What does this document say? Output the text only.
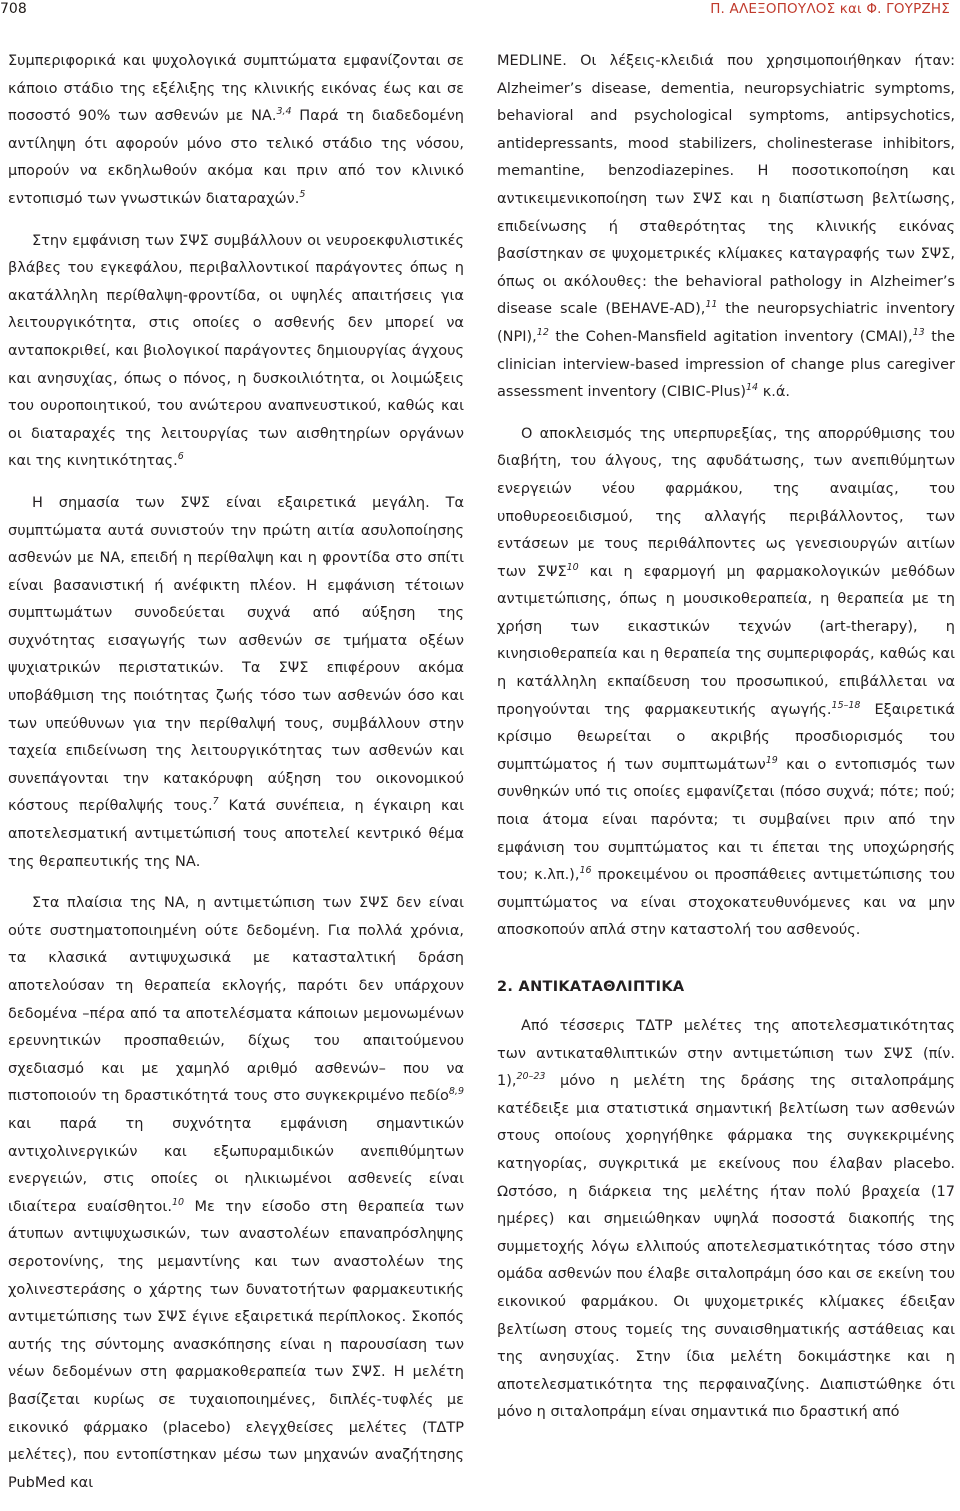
708	Π. ΑΛΕΞΟΠΟΥΛΟΣ και Φ. ΓΟΥΡΖΗΣ

Συμπεριφορικά και ψυχολογικά συμπτώματα εμφανίζονται σε κάποιο στάδιο της εξέλιξης της κλινικής εικόνας έως και σε ποσοστό 90% των ασθενών με ΝΑ.$^{3,4}$ Παρά τη διαδεδομένη αντίληψη ότι αφορούν μόνο στο τελικό στάδιο της νόσου, μπορούν να εκδηλωθούν ακόμα και πριν από τον κλινικό εντοπισμό των γνωστικών διαταραχών.$^5$

Στην εμφάνιση των ΣΨΣ συμβάλλουν οι νευροεκφυλιστικές βλάβες του εγκεφάλου, περιβαλλοντικοί παράγοντες όπως η ακατάλληλη περίθαλψη-φροντίδα, οι υψηλές απαιτήσεις για λειτουργικότητα, στις οποίες ο ασθενής δεν μπορεί να ανταποκριθεί, και βιολογικοί παράγοντες δημιουργίας άγχους και ανησυχίας, όπως ο πόνος, η δυσκοιλιότητα, οι λοιμώξεις του ουροποιητικού, του ανώτερου αναπνευστικού, καθώς και οι διαταραχές της λειτουργίας των αισθητηρίων οργάνων και της κινητικότητας.$^6$

Η σημασία των ΣΨΣ είναι εξαιρετικά μεγάλη. Τα συμπτώματα αυτά συνιστούν την πρώτη αιτία ασυλοποίησης ασθενών με ΝΑ, επειδή η περίθαλψη και η φροντίδα στο σπίτι είναι βασανιστική ή ανέφικτη πλέον. Η εμφάνιση τέτοιων συμπτωμάτων συνοδεύεται συχνά από αύξηση της συχνότητας εισαγωγής των ασθενών σε τμήματα οξέων ψυχιατρικών περιστατικών. Τα ΣΨΣ επιφέρουν ακόμα υποβάθμιση της ποιότητας ζωής τόσο των ασθενών όσο και των υπεύθυνων για την περίθαλψή τους, συμβάλλουν στην ταχεία επιδείνωση της λειτουργικότητας των ασθενών και συνεπάγονται την κατακόρυφη αύξηση του οικονομικού κόστους περίθαλψής τους.$^7$ Κατά συνέπεια, η έγκαιρη και αποτελεσματική αντιμετώπισή τους αποτελεί κεντρικό θέμα της θεραπευτικής της ΝΑ.

Στα πλαίσια της ΝΑ, η αντιμετώπιση των ΣΨΣ δεν είναι ούτε συστηματοποιημένη ούτε δεδομένη. Για πολλά χρόνια, τα κλασικά αντιψυχωσικά με κατασταλτική δράση αποτελούσαν τη θεραπεία εκλογής, παρότι δεν υπάρχουν δεδομένα –πέρα από τα αποτελέσματα κάποιων μεμονωμένων ερευνητικών προσπαθειών, δίχως του απαιτούμενου σχεδιασμό και με χαμηλό αριθμό ασθενών– που να πιστοποιούν τη δραστικότητά τους στο συγκεκριμένο πεδίο$^{8,9}$ και παρά τη συχνότητα εμφάνιση σημαντικών αντιχολινεργικών και εξωπυραμιδικών ανεπιθύμητων ενεργειών, στις οποίες οι ηλικιωμένοι ασθενείς είναι ιδιαίτερα ευαίσθητοι.$^{10}$ Με την είσοδο στη θεραπεία των άτυπων αντιψυχωσικών, των αναστολέων επαναπρόσληψης σεροτονίνης, της μεμαντίνης και των αναστολέων της χολινεστεράσης ο χάρτης των δυνατοτήτων φαρμακευτικής αντιμετώπισης των ΣΨΣ έγινε εξαιρετικά περίπλοκος. Σκοπός αυτής της σύντομης ανασκόπησης είναι η παρουσίαση των νέων δεδομένων στη φαρμακοθεραπεία των ΣΨΣ. Η μελέτη βασίζεται κυρίως σε τυχαιοποιημένες, διπλές-τυφλές με εικονικό φάρμακο (placebo) ελεγχθείσες μελέτες (ΤΔΤΡ μελέτες), που εντοπίστηκαν μέσω των μηχανών αναζήτησης PubMed και

MEDLINE. Οι λέξεις-κλειδιά που χρησιμοποιήθηκαν ήταν: Alzheimer’s disease, dementia, neuropsychiatric symptoms, behavioral and psychological symptoms, antipsychotics, antidepressants, mood stabilizers, cholinesterase inhibitors, memantine, benzodiazepines. Η ποσοτικοποίηση και αντικειμενικοποίηση των ΣΨΣ και η διαπίστωση βελτίωσης, επιδείνωσης ή σταθερότητας της κλινικής εικόνας βασίστηκαν σε ψυχομετρικές κλίμακες καταγραφής των ΣΨΣ, όπως οι ακόλουθες: the behavioral pathology in Alzheimer’s disease scale (BEHAVE-AD),$^{11}$ the neuropsychiatric inventory (NPI),$^{12}$ the Cohen-Mansfield agitation inventory (CMAI),$^{13}$ the clinician interview-based impression of change plus caregiver assessment inventory (CIBIC-Plus)$^{14}$ κ.ά.

Ο αποκλεισμός της υπερπυρεξίας, της απορρύθμισης του διαβήτη, του άλγους, της αφυδάτωσης, των ανεπιθύμητων ενεργειών νέου φαρμάκου, της αναιμίας, του υποθυρεοειδισμού, της αλλαγής περιβάλλοντος, των εντάσεων με τους περιθάλποντες ως γενεσιουργών αιτίων των ΣΨΣ$^{10}$ και η εφαρμογή μη φαρμακολογικών μεθόδων αντιμετώπισης, όπως η μουσικοθεραπεία, η θεραπεία με τη χρήση των εικαστικών τεχνών (art-therapy), η κινησιοθεραπεία και η θεραπεία της συμπεριφοράς, καθώς και η κατάλληλη εκπαίδευση του προσωπικού, επιβάλλεται να προηγούνται της φαρμακευτικής αγωγής.$^{15-18}$ Εξαιρετικά κρίσιμο θεωρείται ο ακριβής προσδιορισμός του συμπτώματος ή των συμπτωμάτων$^{19}$ και ο εντοπισμός των συνθηκών υπό τις οποίες εμφανίζεται (πόσο συχνά; πότε; πού; ποια άτομα είναι παρόντα; τι συμβαίνει πριν από την εμφάνιση του συμπτώματος και τι έπεται της υποχώρησής του; κ.λπ.),$^{16}$ προκειμένου οι προσπάθειες αντιμετώπισης του συμπτώματος να είναι στοχοκατευθυνόμενες και να μην αποσκοπούν απλά στην καταστολή του ασθενούς.

2. ΑΝΤΙΚΑΤΑΘΛΙΠΤΙΚΑ

Από τέσσερις ΤΔΤΡ μελέτες της αποτελεσματικότητας των αντικαταθλιπτικών στην αντιμετώπιση των ΣΨΣ (πίν. 1),$^{20-23}$ μόνο η μελέτη της δράσης της σιταλοπράμης κατέδειξε μια στατιστικά σημαντική βελτίωση των ασθενών στους οποίους χορηγήθηκε φάρμακα της συγκεκριμένης κατηγορίας, συγκριτικά με εκείνους που έλαβαν placebo. Ωστόσο, η διάρκεια της μελέτης ήταν πολύ βραχεία (17 ημέρες) και σημειώθηκαν υψηλά ποσοστά διακοπής της συμμετοχής λόγω ελλιπούς αποτελεσματικότητας τόσο στην ομάδα ασθενών που έλαβε σιταλοπράμη όσο και σε εκείνη του εικονικού φαρμάκου. Οι ψυχομετρικές κλίμακες έδειξαν βελτίωση στους τομείς της συναισθηματικής αστάθειας και της ανησυχίας. Στην ίδια μελέτη δοκιμάστηκε και η αποτελεσματικότητα της περφαιναζίνης. Διαπιστώθηκε ότι μόνο η σιταλοπράμη είναι σημαντικά πιο δραστική από
